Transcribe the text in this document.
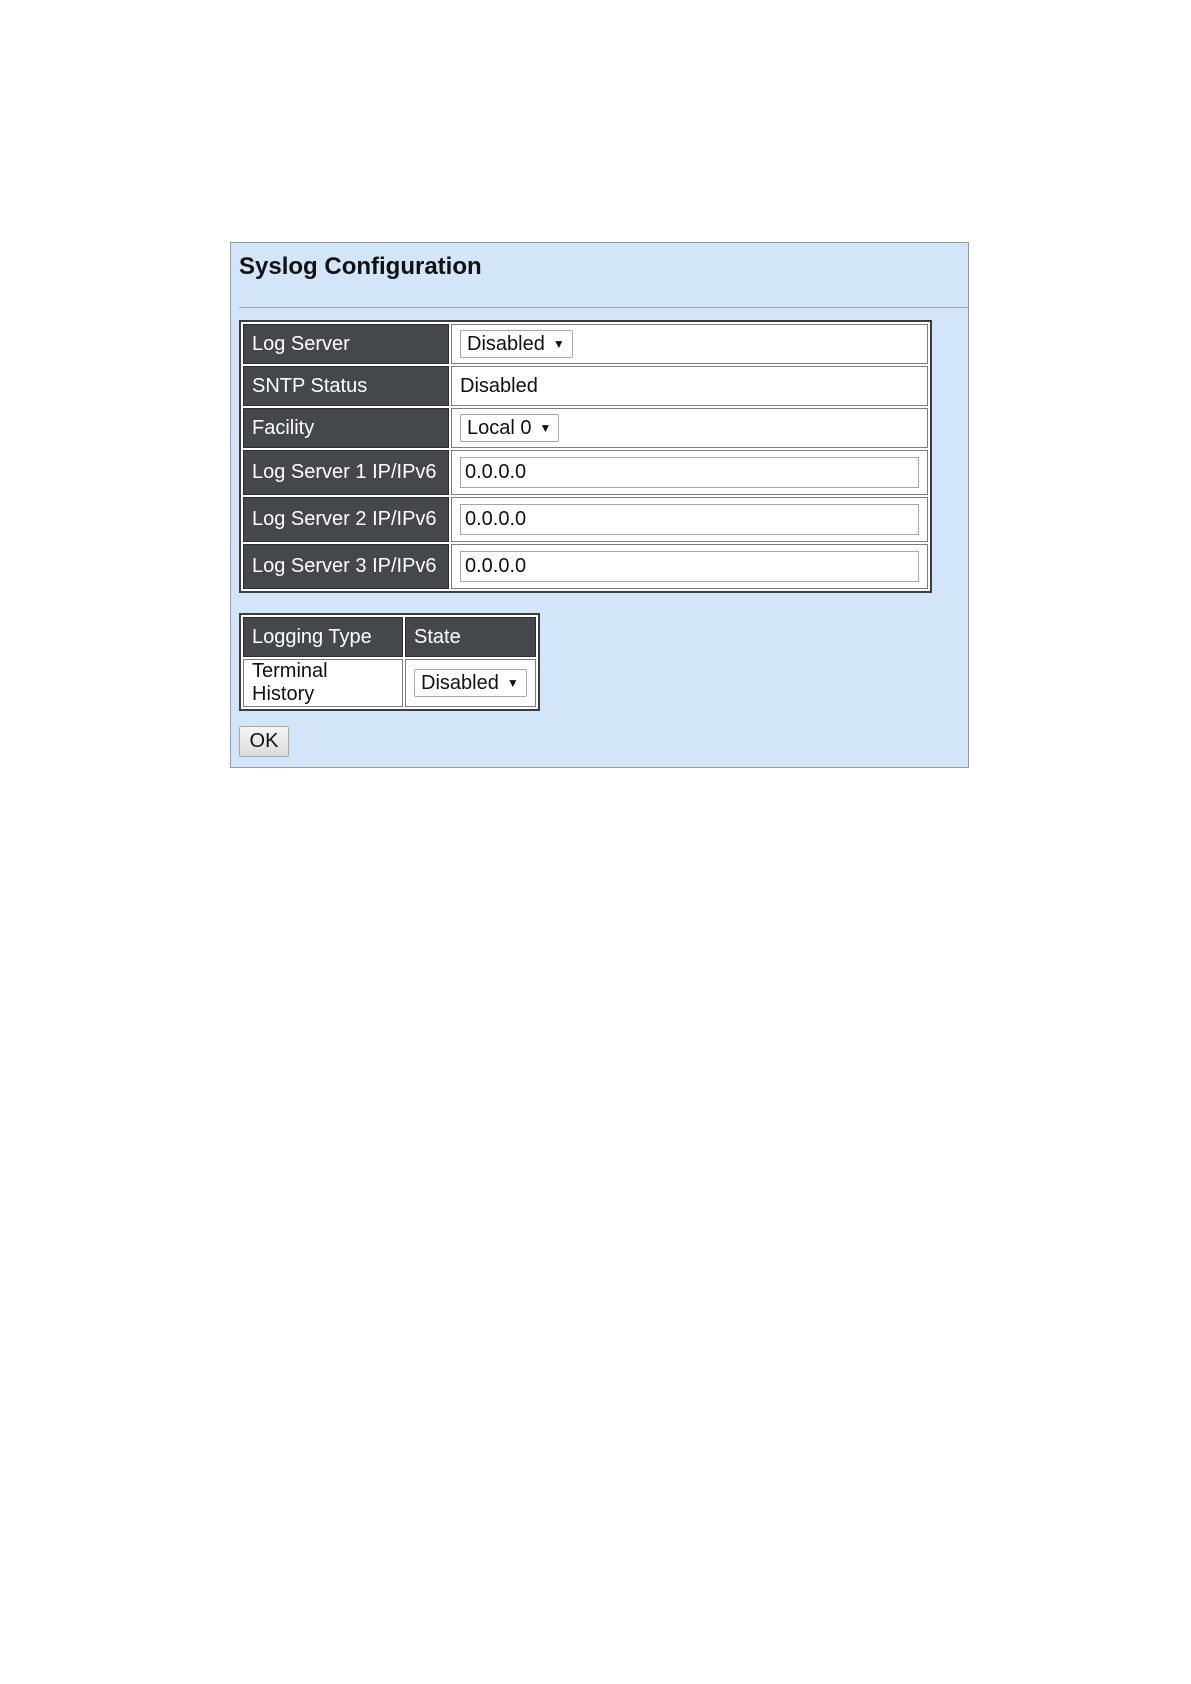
Syslog Configuration
Log Server	Disabled ▼

SNTP Status	Disabled
Facility	Local 0 ▼

Log Server 1 IP/IPv6	0.0.0.0
Log Server 2 IP/IPv6	0.0.0.0
Log Server 3 IP/IPv6	0.0.0.0
Logging Type	State
Terminal History	Disabled ▼
OK
